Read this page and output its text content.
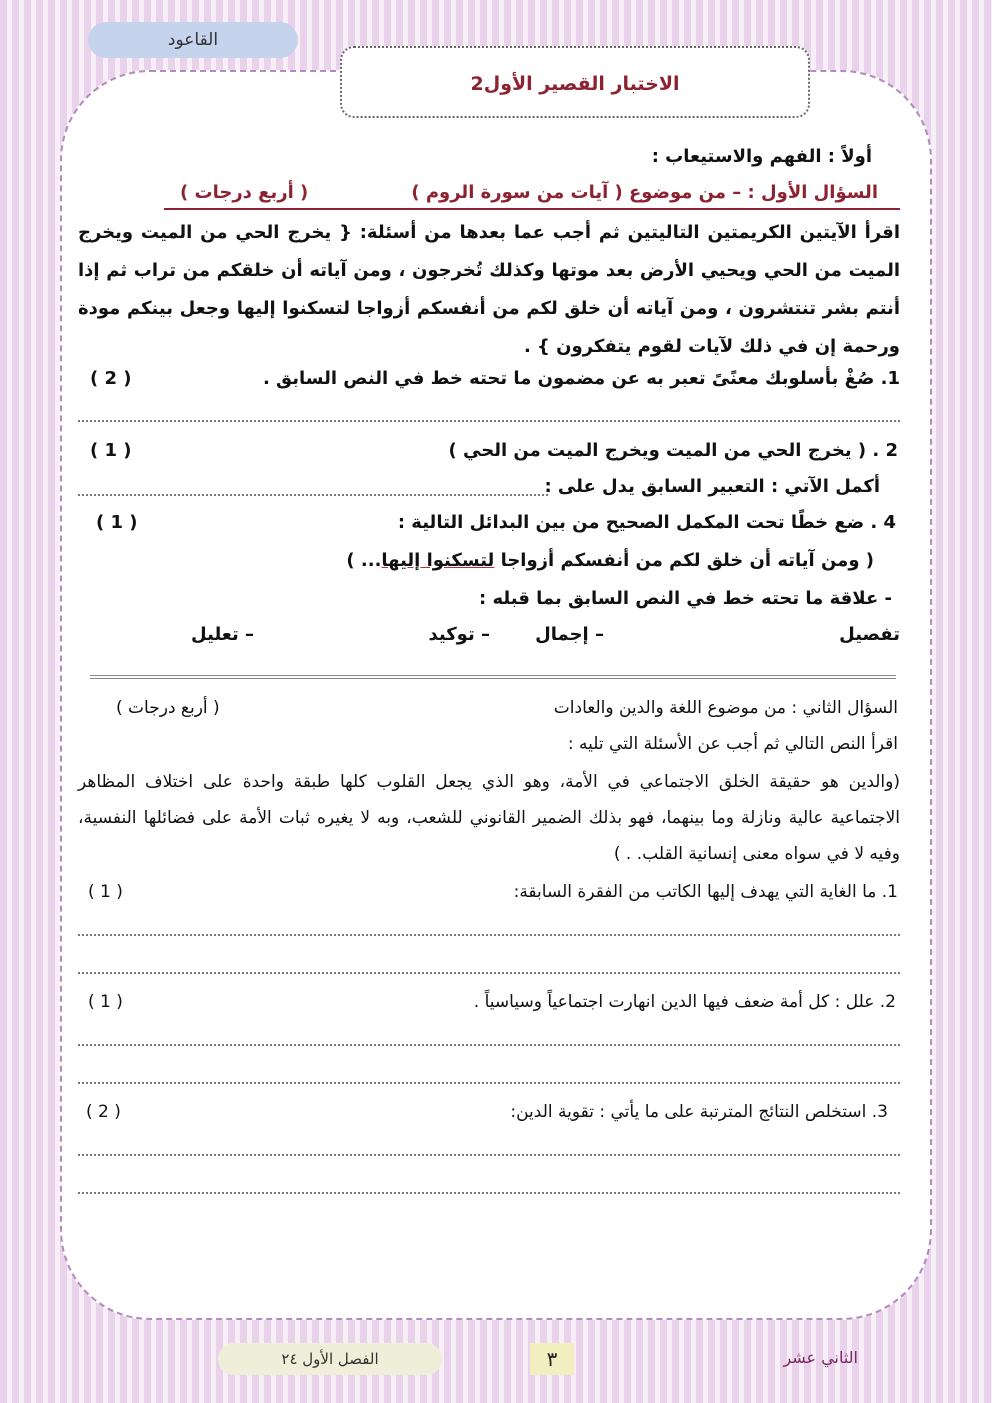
القاعود
الاختبار القصير الأول2
أولاً : الفهم والاستيعاب :
السؤال الأول : – من موضوع ( آيات من سورة الروم )
( أربع درجات )
اقرأ الآيتين الكريمتين التاليتين ثم أجب عما بعدها من أسئلة: { يخرج الحي من الميت ويخرج الميت من الحي ويحيي الأرض بعد موتها وكذلك تُخرجون ، ومن آياته أن خلقكم من تراب ثم إذا أنتم بشر تنتشرون ، ومن آياته أن خلق لكم من أنفسكم أزواجا لتسكنوا إليها وجعل بينكم مودة ورحمة إن في ذلك لآيات لقوم يتفكرون } .
1. صُغْ بأسلوبك معنًىً تعبر به عن مضمون ما تحته خط في النص السابق .
( 2 )
2 . ( يخرج الحي من الميت ويخرج الميت من الحي )
( 1 )
أكمل الآتي : التعبير السابق يدل على :
4 . ضع خطًا تحت المكمل الصحيح من بين البدائل التالية :
( 1 )
( ومن آياته أن خلق لكم من أنفسكم أزواجا لتسكنوا إليها... )
- علاقة ما تحته خط في النص السابق بما قبله :
تفصيل
– إجمال
– توكيد
– تعليل
السؤال الثاني : من موضوع اللغة والدين والعادات
( أربع درجات )
اقرأ النص التالي ثم أجب عن الأسئلة التي تليه :
(والدين هو حقيقة الخلق الاجتماعي في الأمة، وهو الذي يجعل القلوب كلها طبقة واحدة على اختلاف المظاهر الاجتماعية عالية ونازلة وما بينهما، فهو بذلك الضمير القانوني للشعب، وبه لا يغيره ثبات الأمة على فضائلها النفسية، وفيه لا في سواه معنى إنسانية القلب. . )
1. ما الغاية التي يهدف إليها الكاتب من الفقرة السابقة:
( 1 )
2. علل : كل أمة ضعف فيها الدين انهارت اجتماعياً وسياسياً .
( 1 )
3. استخلص النتائج المترتبة على ما يأتي : تقوية الدين:
( 2 )
الفصل الأول ٢٤	٣	الثاني عشر
